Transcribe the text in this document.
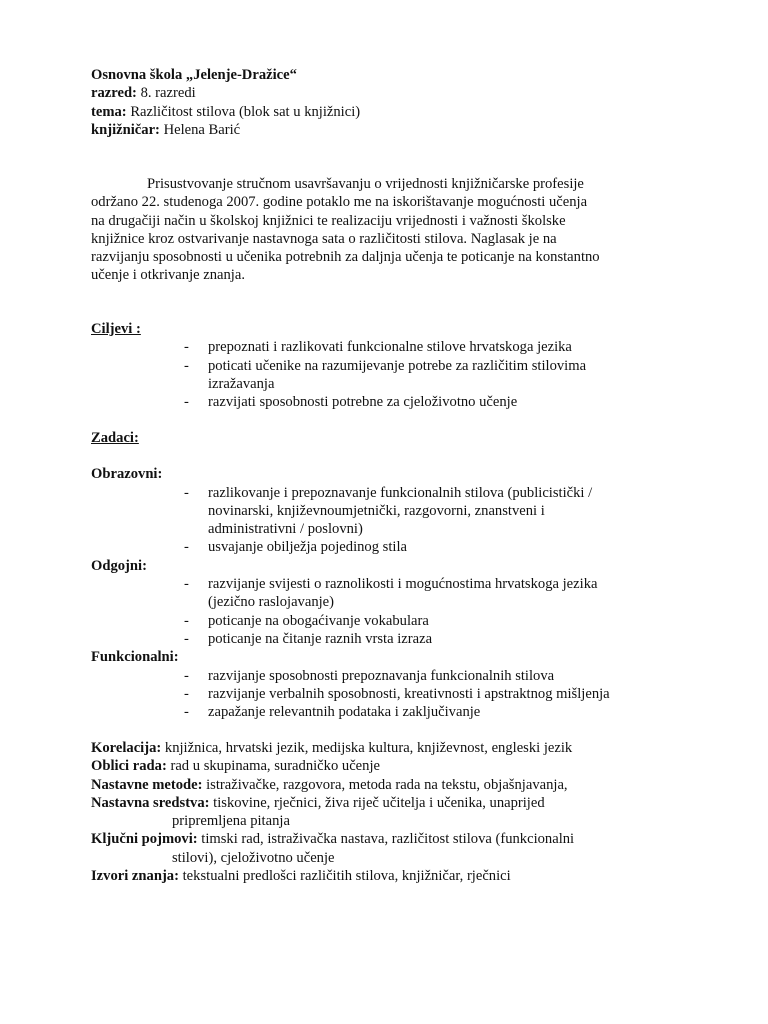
Osnovna škola „Jelenje-Dražice“
razred: 8. razredi
tema: Različitost stilova (blok sat u knjižnici)
knjižničar: Helena Barić
Prisustvovanje stručnom usavršavanju o vrijednosti knjižničarske profesije
održano 22. studenoga 2007. godine potaklo me na iskorištavanje mogućnosti učenja
na drugačiji način u školskoj knjižnici te realizaciju vrijednosti i važnosti školske
knjižnice kroz ostvarivanje nastavnoga sata o različitosti stilova. Naglasak je na
razvijanju sposobnosti u učenika potrebnih za daljnja učenja te poticanje na konstantno
učenje i otkrivanje znanja.
Ciljevi :
- prepoznati i razlikovati funkcionalne stilove hrvatskoga jezika
- poticati učenike na razumijevanje potrebe za različitim stilovima
izražavanja
- razvijati sposobnosti potrebne za cjeloživotno učenje
Zadaci:
Obrazovni:
- razlikovanje i prepoznavanje funkcionalnih stilova (publicistički /
novinarski, književnoumjetnički, razgovorni, znanstveni i
administrativni / poslovni)
- usvajanje obilježja pojedinog stila
Odgojni:
- razvijanje svijesti o raznolikosti i mogućnostima hrvatskoga jezika
(jezično raslojavanje)
- poticanje na obogaćivanje vokabulara
- poticanje na čitanje raznih vrsta izraza
Funkcionalni:
- razvijanje sposobnosti prepoznavanja funkcionalnih stilova
- razvijanje verbalnih sposobnosti, kreativnosti i apstraktnog mišljenja
- zapažanje relevantnih podataka i zaključivanje
Korelacija: knjižnica, hrvatski jezik, medijska kultura, književnost, engleski jezik
Oblici rada: rad u skupinama, suradničko učenje
Nastavne metode: istraživačke, razgovora, metoda rada na tekstu, objašnjavanja,
Nastavna sredstva: tiskovine, rječnici, živa riječ učitelja i učenika, unaprijed
pripremljena pitanja
Ključni pojmovi: timski rad, istraživačka nastava, različitost stilova (funkcionalni
stilovi), cjeloživotno učenje
Izvori znanja: tekstualni predlošci različitih stilova, knjižničar, rječnici
